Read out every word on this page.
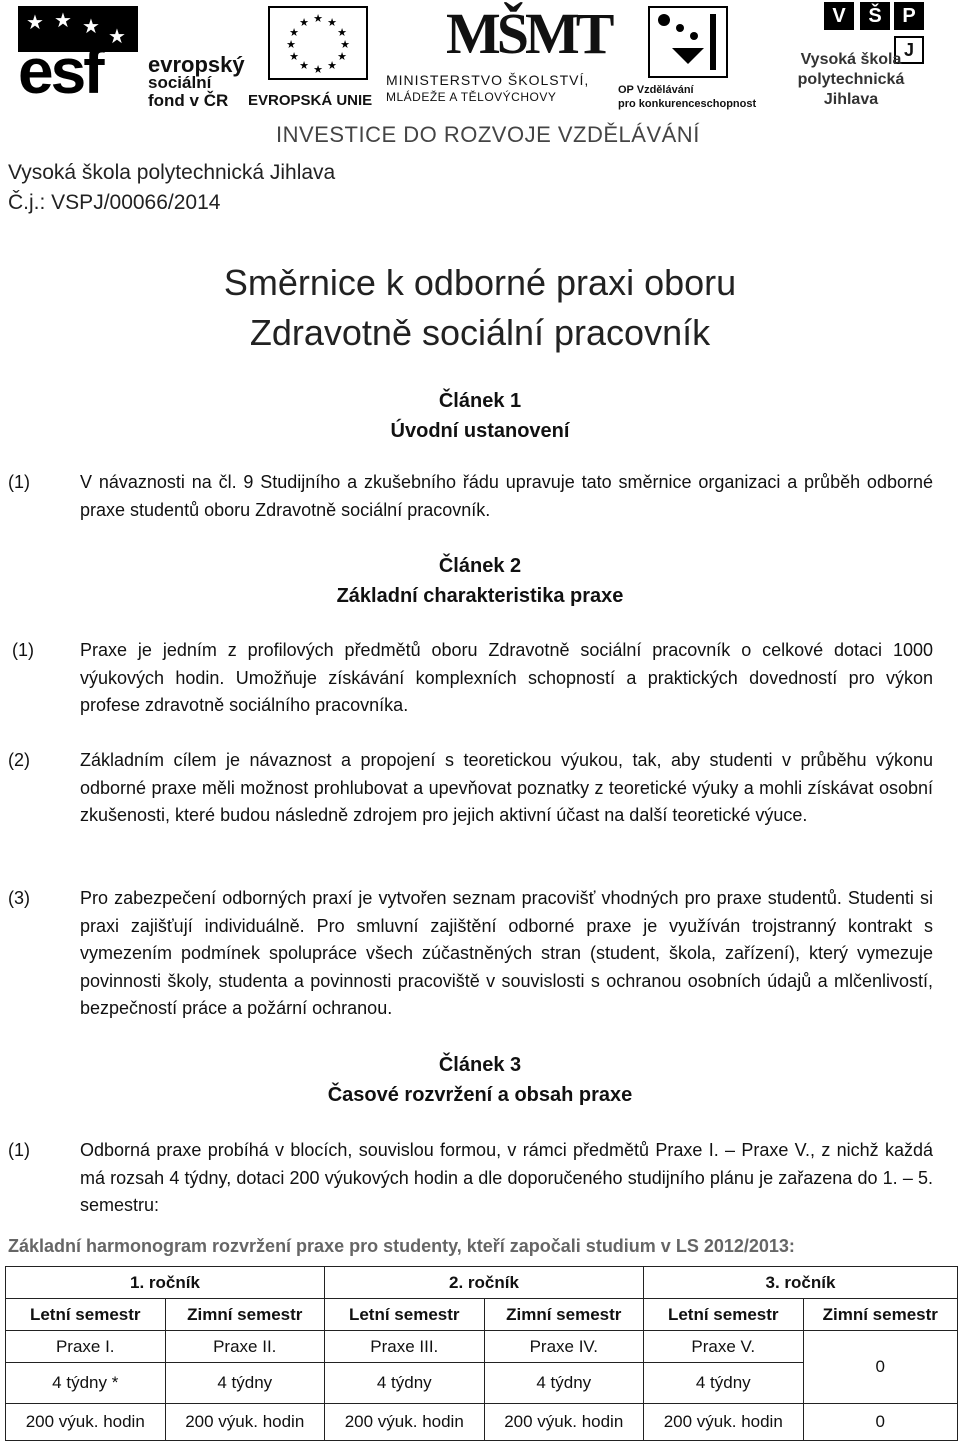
★ ★ ★ ★
esf evropský
sociální
fond v ČR
★ ★
★
★
★
★
★
★
★
★
★
★
EVROPSKÁ UNIE
MŠMT
MINISTERSTVO ŠKOLSTVÍ,
MLÁDEŽE A TĚLOVÝCHOVY	OP Vzdělávání
pro konkurenceschopnost
V	Š	P
J
Vysoká škola
polytechnická
Jihlava
INVESTICE DO ROZVOJE VZDĚLÁVÁNÍ
Vysoká škola polytechnická Jihlava
Č.j.: VSPJ/00066/2014
Směrnice k odborné praxi oboru
Zdravotně sociální pracovník
Článek 1
Úvodní ustanovení
(1)	V návaznosti na čl. 9 Studijního a zkušebního řádu upravuje tato směrnice organizaci a průběh odborné praxe studentů oboru Zdravotně sociální pracovník.
Článek 2
Základní charakteristika praxe
(1)	Praxe je jedním z profilových předmětů oboru Zdravotně sociální pracovník o celkové dotaci 1000 výukových hodin. Umožňuje získávání komplexních schopností a praktických dovedností pro výkon profese zdravotně sociálního pracovníka.
(2)	Základním cílem je návaznost a propojení s teoretickou výukou, tak, aby studenti v průběhu výkonu odborné praxe měli možnost prohlubovat a upevňovat poznatky z teoretické výuky a mohli získávat osobní zkušenosti, které budou následně zdrojem pro jejich aktivní účast na další teoretické výuce.
(3)	Pro zabezpečení odborných praxí je vytvořen seznam pracovišť vhodných pro praxe studentů. Studenti si praxi zajišťují individuálně. Pro smluvní zajištění odborné praxe je využíván trojstranný kontrakt s vymezením podmínek spolupráce všech zúčastněných stran (student, škola, zařízení), který vymezuje povinnosti školy, studenta a povinnosti pracoviště v souvislosti s ochranou osobních údajů a mlčenlivostí, bezpečností práce a požární ochranou.
Článek 3
Časové rozvržení a obsah praxe
(1)	Odborná praxe probíhá v blocích, souvislou formou, v rámci předmětů Praxe I. – Praxe V., z nichž každá má rozsah 4 týdny, dotaci 200 výukových hodin a dle doporučeného studijního plánu je zařazena do 1. – 5. semestru:
Základní harmonogram rozvržení praxe pro studenty, kteří započali studium v LS 2012/2013:
1. ročník		2. ročník		3. ročník	
Letní semestr	Zimní semestr	Letní semestr	Zimní semestr	Letní semestr	Zimní semestr
Praxe I.	Praxe II.	Praxe III.	Praxe IV.	Praxe V.	0
4 týdny *	4 týdny	4 týdny	4 týdny	4 týdny	
200 výuk. hodin	200 výuk. hodin	200 výuk. hodin	200 výuk. hodin	200 výuk. hodin	0
